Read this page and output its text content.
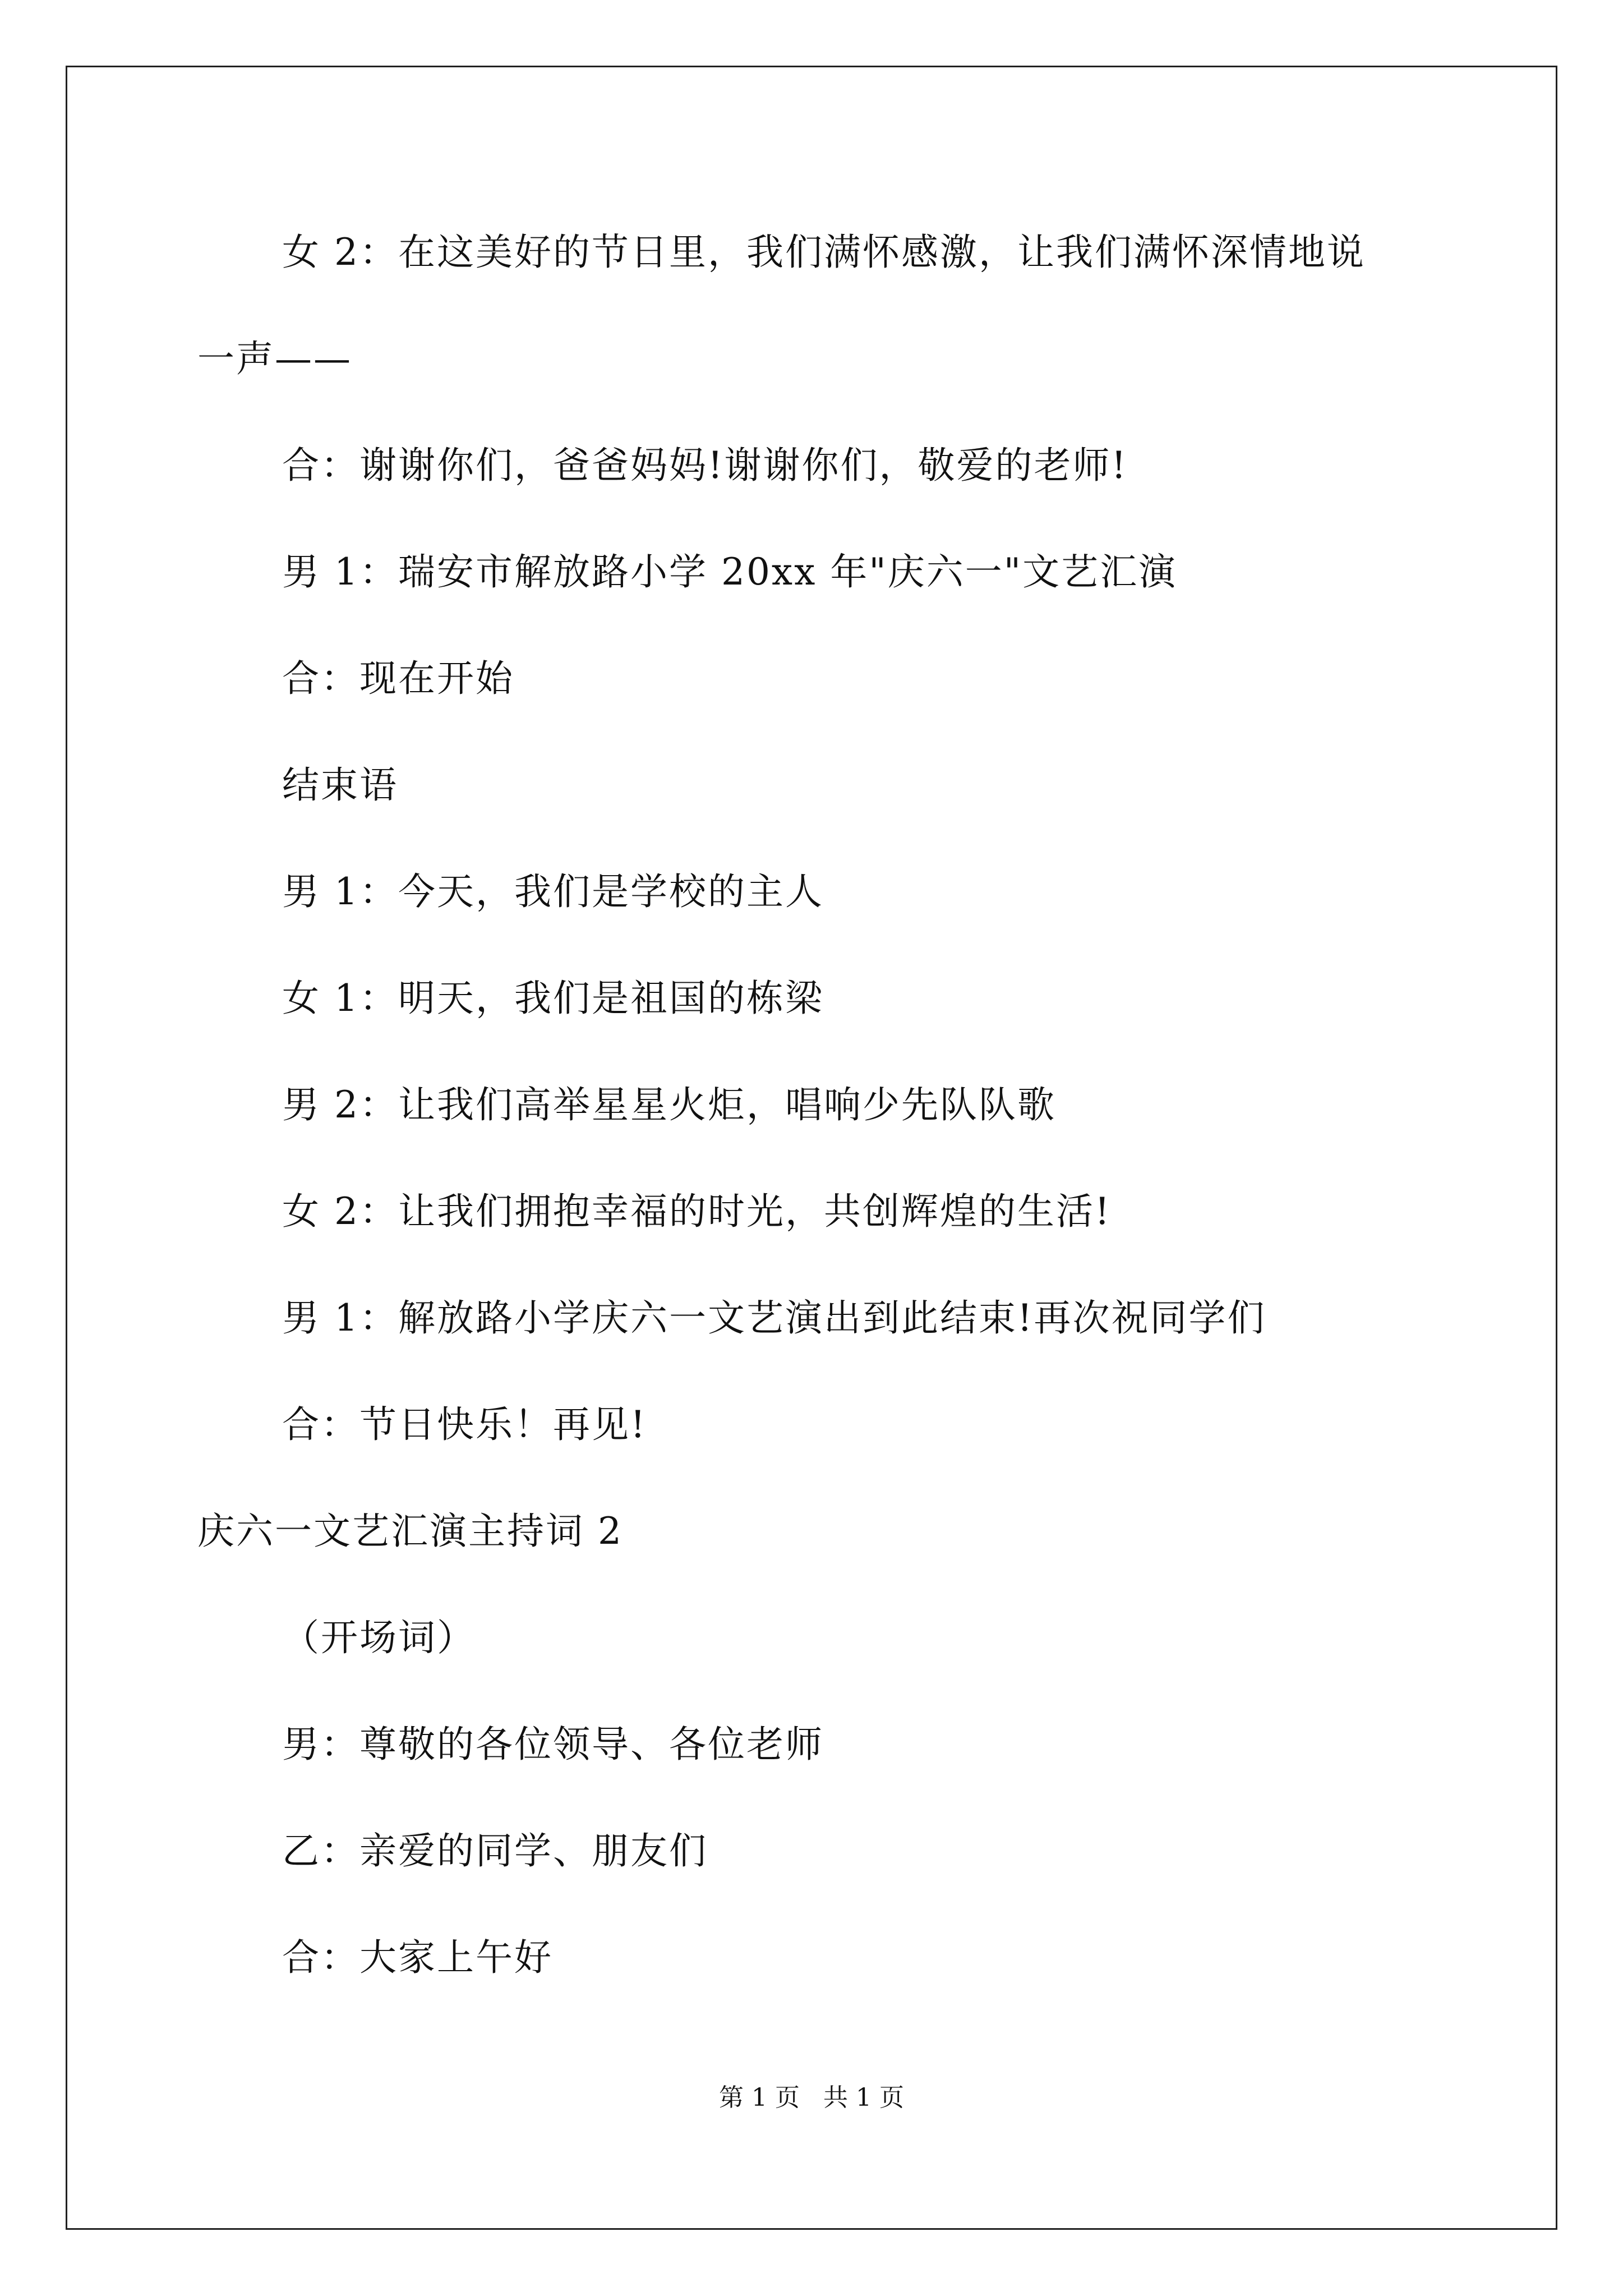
女 2：在这美好的节日里，我们满怀感激，让我们满怀深情地说
一声——
合：谢谢你们，爸爸妈妈!谢谢你们，敬爱的老师!
男 1：瑞安市解放路小学 20xx 年"庆六一"文艺汇演
合：现在开始
结束语
男 1：今天，我们是学校的主人
女 1：明天，我们是祖国的栋梁
男 2：让我们高举星星火炬，唱响少先队队歌
女 2：让我们拥抱幸福的时光，共创辉煌的生活!
男 1：解放路小学庆六一文艺演出到此结束!再次祝同学们
合：节日快乐！再见!
庆六一文艺汇演主持词 2
（开场词）
男：尊敬的各位领导、各位老师
乙：亲爱的同学、朋友们
合：大家上午好
第 1 页   共 1 页
